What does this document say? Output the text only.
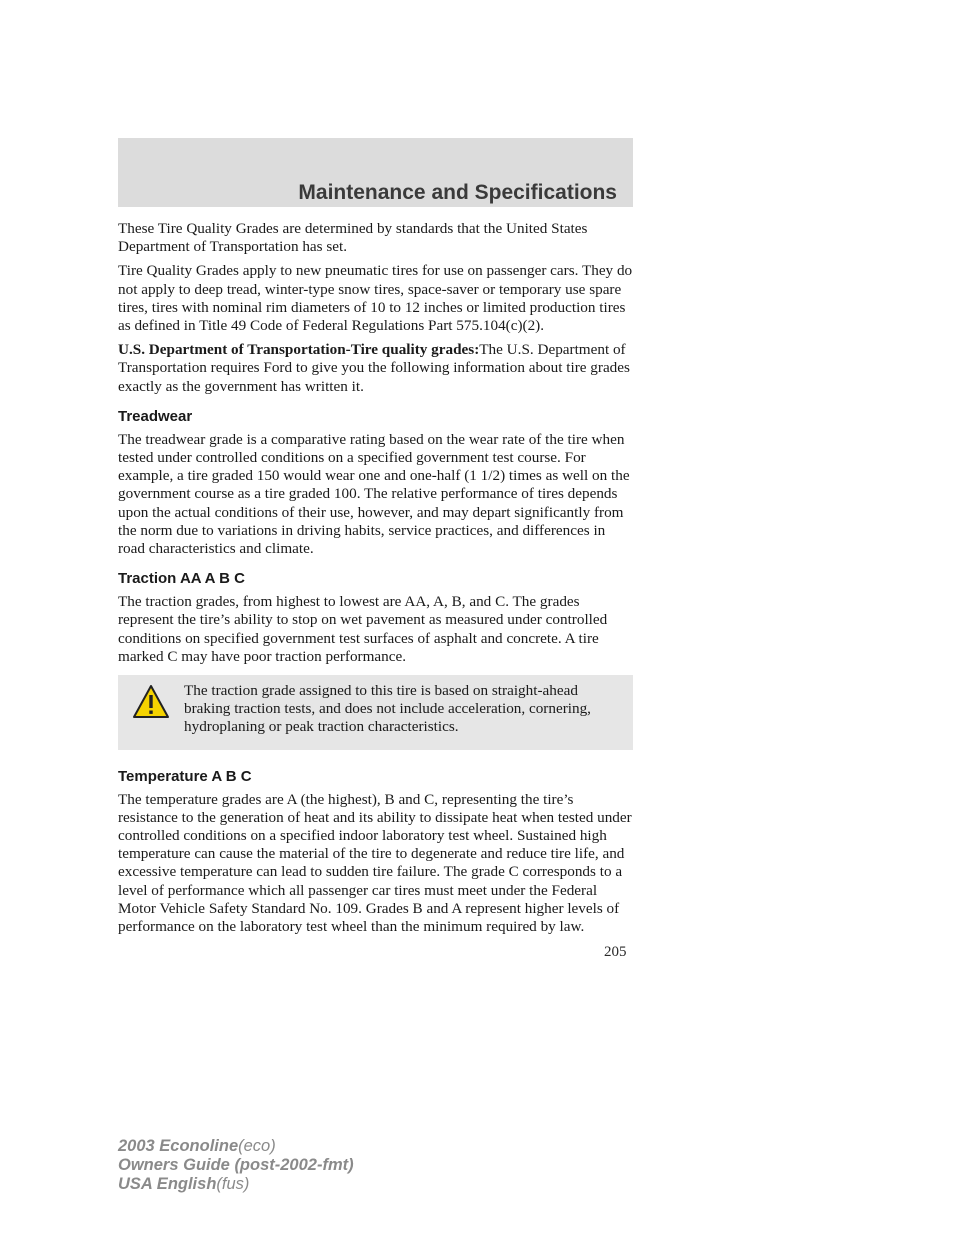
Maintenance and Specifications

These Tire Quality Grades are determined by standards that the United States Department of Transportation has set.

Tire Quality Grades apply to new pneumatic tires for use on passenger cars. They do not apply to deep tread, winter-type snow tires, space-saver or temporary use spare tires, tires with nominal rim diameters of 10 to 12 inches or limited production tires as defined in Title 49 Code of Federal Regulations Part 575.104(c)(2).

U.S. Department of Transportation-Tire quality grades:The U.S. Department of Transportation requires Ford to give you the following information about tire grades exactly as the government has written it.

Treadwear

The treadwear grade is a comparative rating based on the wear rate of the tire when tested under controlled conditions on a specified government test course. For example, a tire graded 150 would wear one and one-half (1 1/2) times as well on the government course as a tire graded 100. The relative performance of tires depends upon the actual conditions of their use, however, and may depart significantly from the norm due to variations in driving habits, service practices, and differences in road characteristics and climate.

Traction AA A B C

The traction grades, from highest to lowest are AA, A, B, and C. The grades represent the tire’s ability to stop on wet pavement as measured under controlled conditions on specified government test surfaces of asphalt and concrete. A tire marked C may have poor traction performance.

The traction grade assigned to this tire is based on straight-ahead braking traction tests, and does not include acceleration, cornering, hydroplaning or peak traction characteristics.

Temperature A B C

The temperature grades are A (the highest), B and C, representing the tire’s resistance to the generation of heat and its ability to dissipate heat when tested under controlled conditions on a specified indoor laboratory test wheel. Sustained high temperature can cause the material of the tire to degenerate and reduce tire life, and excessive temperature can lead to sudden tire failure. The grade C corresponds to a level of performance which all passenger car tires must meet under the Federal Motor Vehicle Safety Standard No. 109. Grades B and A represent higher levels of performance on the laboratory test wheel than the minimum required by law.

205
2003 Econoline(eco)
Owners Guide (post-2002-fmt)
USA English(fus)
